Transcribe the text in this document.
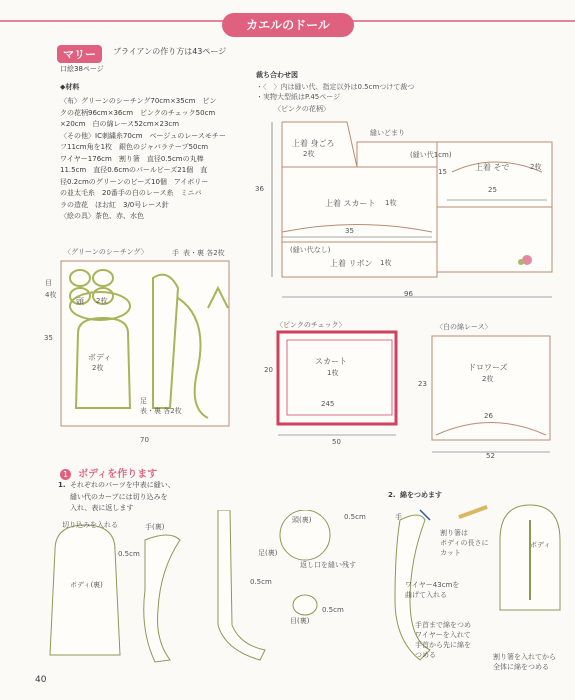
カエルのドール
マリー	ブライアンの作り方は43ページ
口絵38ページ
◆材料
〈布〉グリーンのシーチング70cm×35cm　ピン
クの花柄96cm×36cm　ピンクのチェック50cm
×20cm　白の綿レース52cm×23cm
〈その他〉IC刺繍糸70cm　ベージュのレースモチー
フ11cm角を1枚　銀色のジャバラテープ50cm
ワイヤー176cm　割り箸　直径0.5cmの丸棒
11.5cm　直径0.6cmのパールビーズ21個　直
径0.2cmのグリーンのビーズ10個　アイボリー
の並太毛糸　20番手の白のレース糸　ミニバ
ラの造花　ほお紅　3/0号レース針
〈絵の具〉茶色、赤、水色
裁ち合わせ図
・〈　〉内は縫い代、指定以外は0.5cmつけて裁つ
・実物大型紙はP.45ページ
〈ピンクの花柄〉
上着 身ごろ
2枚
縫いどまり
(縫い代1cm)
上着 そで	2枚
上着 スカート 1枚
上着 リボン 1枚
(縫い代なし)
36
35
25
15
96
〈グリーンのシーチング〉	手 表・裏 各2枚
頭 2枚
ボディ
2枚
足
表・裏 各2枚
目
4枚
35
70
〈ピンクのチェック〉
スカート
1枚
20
245
50
〈白の綿レース〉
ドロワーズ
2枚
23
26
52
1 ボディを作ります
1. それぞれのパーツを中表に縫い、
縫い代のカーブには切り込みを
入れ、表に返します
切り込みを入れる	手(裏)
0.5cm
ボディ(裏)
足(裏)
0.5cm
頭(裏)	0.5cm
返し口を縫い残す
目(裏)
0.5cm
2. 綿をつめます
手
割り箸は
ボディの長さに
カット
ボディ
ワイヤー43cmを
曲げて入れる
手首まで綿をつめ
ワイヤーを入れて
手首から先に綿を
つめる	割り箸を入れてから
全体に綿をつめる
40
